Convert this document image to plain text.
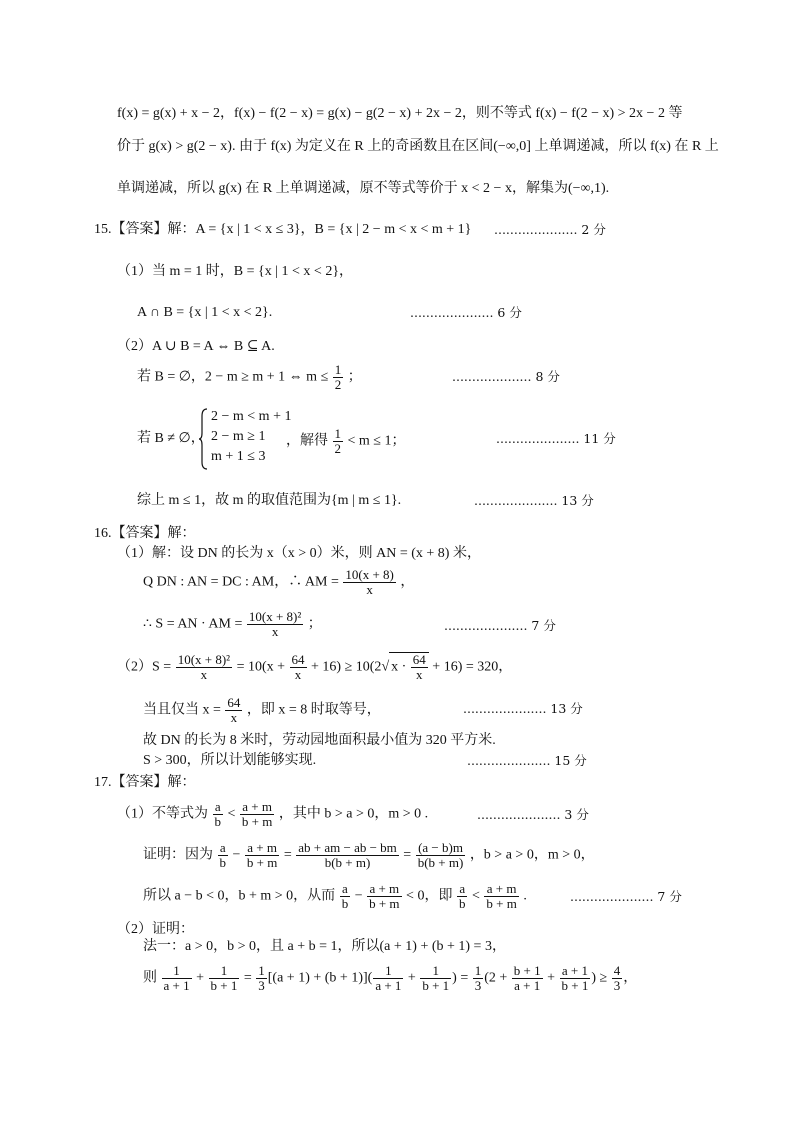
f(x) = g(x) + x − 2，f(x) − f(2 − x) = g(x) − g(2 − x) + 2x − 2，则不等式 f(x) − f(2 − x) > 2x − 2 等
价于 g(x) > g(2 − x). 由于 f(x) 为定义在 R 上的奇函数且在区间(−∞,0] 上单调递减，所以 f(x) 在 R 上
单调递减，所以 g(x) 在 R 上单调递减，原不等式等价于 x < 2 − x，解集为(−∞,1).
15.【答案】解：A = {x | 1 < x ≤ 3}，B = {x | 2 − m < x < m + 1} ..................... 2 分
（1）当 m = 1 时，B = {x | 1 < x < 2}，
A ∩ B = {x | 1 < x < 2}.	..................... 6 分
（2）A ∪ B = A ⇔ B ⊆ A.
若 B = ∅，2 − m ≥ m + 1 ⇔ $m \le \frac{1}{2}$ ；	.................... 8 分
若 B ≠ ∅，
2 − m < m + 1
2 − m ≥ 1
m + 1 ≤ 3
，解得 $\frac{1}{2} < m \le 1$；	..................... 11 分
综上 m ≤ 1，故 m 的取值范围为{m | m ≤ 1}.	..................... 13 分
16.【答案】解：
（1）解：设 DN 的长为 x（x > 0）米，则 AN = (x + 8) 米，
Q DN : AN = DC : AM，∴ AM = $\frac{10(x + 8)}{x}$ ，
∴ S = AN · AM = $\frac{\text{10(x + 8)²}}{x}$ ；	..................... 7 分
$(2)S = \frac{\text{10(x + 8)²}}{x} = 10(x + \frac{64}{x} + 16) \ge 10(2√$ $x \cdot \frac{64}{x} + 16) = 320$，
当且仅当 $x = \frac{64}{x}$ ，即 x = 8 时取等号，	..................... 13 分
故 DN 的长为 8 米时，劳动园地面积最小值为 320 平方米.
S > 300，所以计划能够实现.	..................... 15 分
17.【答案】解：
（1）不等式为 $\frac{a}{b} < \frac{a + m}{b + m}$ ，其中 b > a > 0，m > 0 .	..................... 3 分
证明：因为 $\frac{a}{b} - \frac{a + m}{b + m} = \frac{ab + am - ab - bm}{b(b + m)} = \frac{(a - b)m}{b(b + m)}$ ，b > a > 0，m > 0，
所以 a − b < 0，b + m > 0，从而 $\frac{a}{b} - \frac{a + m}{b + m} < 0$，即 $\frac{a}{b} < \frac{a + m}{b + m}$ .	..................... 7 分
（2）证明：
法一：a > 0，b > 0，且 a + b = 1，所以(a + 1) + (b + 1) = 3，
则 $\frac{1}{a + 1} + \frac{1}{b + 1} = \frac{1}{3} [(a + 1) + (b + 1)]( \frac{1}{a + 1} + \frac{1}{b + 1}$ ) = $\frac{1}{3} (2 + \frac{b + 1}{a + 1} + \frac{a + 1}{b + 1}$ ) ≥ $\frac{4}{3}$ ，
